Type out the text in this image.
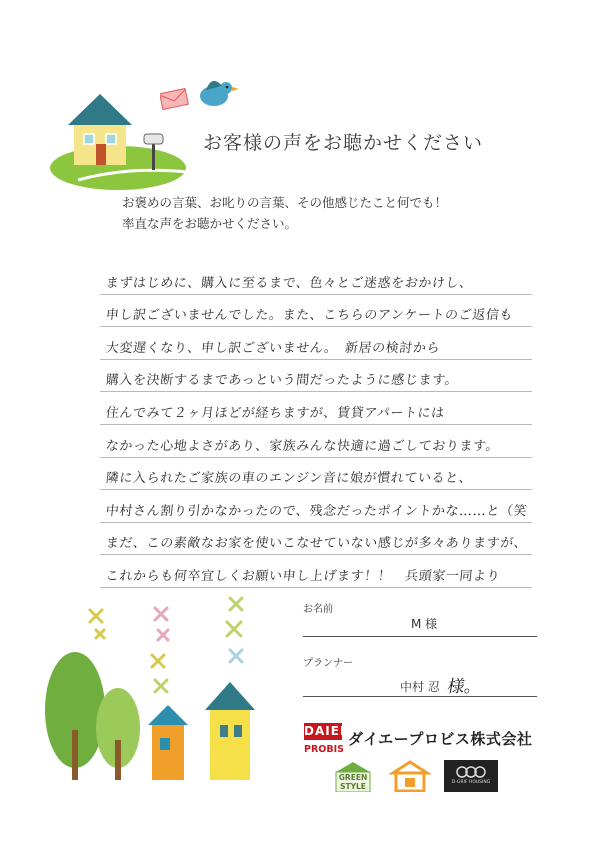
お客様の声をお聴かせください
お褒めの言葉、お叱りの言葉、その他感じたこと何でも！
率直な声をお聴かせください。
まずはじめに、購入に至るまで、色々とご迷惑をおかけし、
申し訳ございませんでした。また、こちらのアンケートのご返信も
大変遅くなり、申し訳ございません。　新居の検討から
購入を決断するまであっという間だったように感じます。
住んでみて２ヶ月ほどが経ちますが、賃貸アパートには
なかった心地よさがあり、家族みんな快適に過ごしております。
隣に入られたご家族の車のエンジン音に娘が慣れていると、
中村さん割り引かなかったので、残念だったポイントかな……と（笑
まだ、この素敵なお家を使いこなせていない感じが多々ありますが、
これからも何卒宜しくお願い申し上げます！！　兵頭家一同より
お名前
M 様
プランナー
中村 忍 様。
DAIEI
PROBIS
ダイエープロビス株式会社
GREEN
STYLE	D-GRIF HOUSING
